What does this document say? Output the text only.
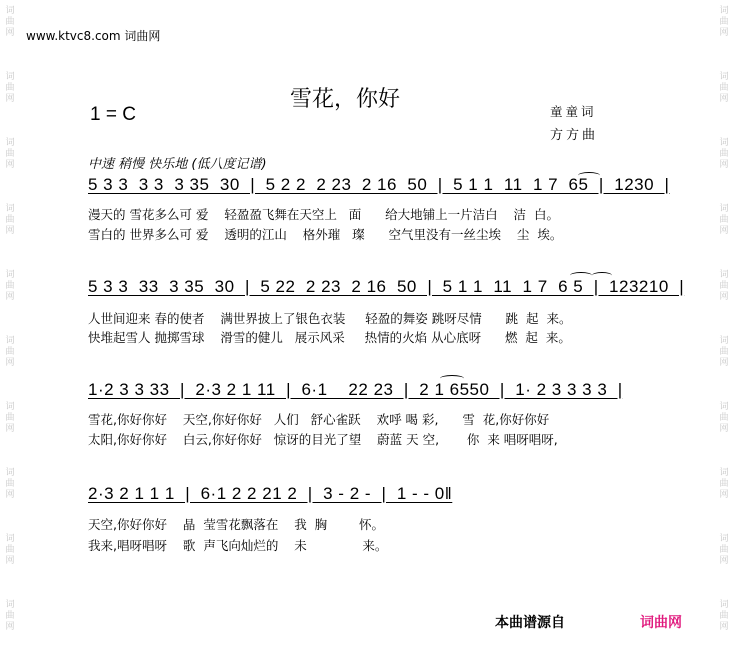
词
曲
网
词
曲
网
词
曲
网
词
曲
网
词
曲
网
词
曲
网
词
曲
网
词
曲
网
词
曲
网
词
曲
网
词
曲
网
词
曲
网
词
曲
网
词
曲
网
词
曲
网
词
曲
网
词
曲
网
词
曲
网
词
曲
网
词
曲
网
www.ktvc8.com 词曲网
雪花，你好
1 = C	童童词
方方曲
中速 稍慢 快乐地 (低八度记谱)
5 3 3  3 3  3 35  30  |  5 2 2  2 23  2 16  50  |  5 1 1  11  1 7  65  |  1230  |
漫天的 雪花多么可 爱    轻盈盈飞舞在天空上   面      给大地铺上一片洁白    洁  白。
雪白的 世界多么可 爱    透明的江山    格外璀   璨      空气里没有一丝尘埃    尘  埃。
5 3 3  33  3 35  30  |  5 22  2 23  2 16  50  |  5 1 1  11  1 7  6 5  |  123210  |
人世间迎来 春的使者    满世界披上了银色衣装     轻盈的舞姿 跳呀尽情      跳  起  来。
快堆起雪人 抛掷雪球    滑雪的健儿   展示风采     热情的火焰 从心底呀      燃  起  来。
1·2 3 3 33  |  2·3 2 1 11  |  6·1    22 23  |  2 1 6550  |  1· 2 3 3 3 3  |
雪花,你好你好    天空,你好你好   人们   舒心雀跃    欢呼 喝 彩,      雪  花,你好你好
太阳,你好你好    白云,你好你好   惊讶的目光了望    蔚蓝 天 空,       你  来 唱呀唱呀,
2·3 2 1 1 1  |  6·1 2 2 21 2  |  3 - 2 -  |  1 - - 0‖
天空,你好你好    晶  莹雪花飘落在    我  胸        怀。
我来,唱呀唱呀    歌  声飞向灿烂的    未              来。
本曲谱源自	词曲网
